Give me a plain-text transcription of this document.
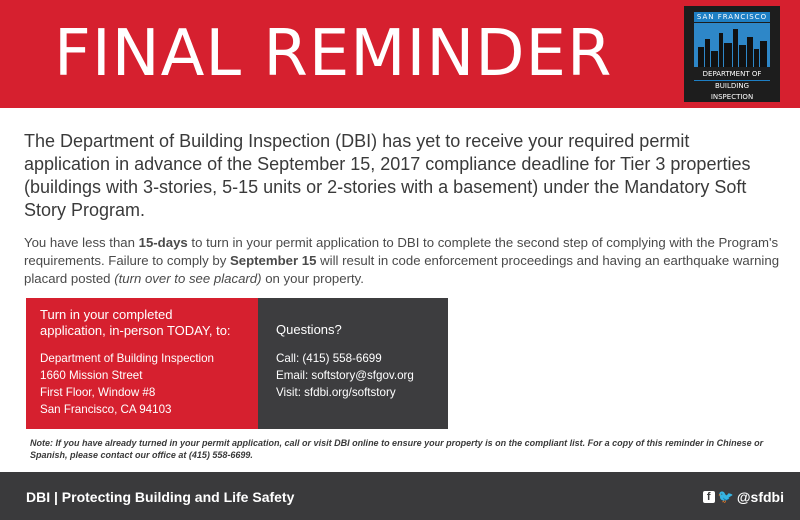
FINAL REMINDER	SAN FRANCISCO
DEPARTMENT OF
BUILDING INSPECTION

The Department of Building Inspection (DBI) has yet to receive your required permit application in advance of the September 15, 2017 compliance deadline for Tier 3 properties (buildings with 3-stories, 5-15 units or 2-stories with a basement) under the Mandatory Soft Story Program.

You have less than 15-days to turn in your permit application to DBI to complete the second step of complying with the Program's requirements. Failure to comply by September 15 will result in code enforcement proceedings and having an earthquake warning placard posted (turn over to see placard) on your property.

Turn in your completed
application, in-person TODAY, to:
Department of Building Inspection
1660 Mission Street
First Floor, Window #8
San Francisco, CA 94103
Questions?
Call: (415) 558-6699
Email: softstory@sfgov.org
Visit: sfdbi.org/softstory

Note: If you have already turned in your permit application, call or visit DBI online to ensure your property is on the compliant list. For a copy of this reminder in Chinese or Spanish, please contact our office at (415) 558-6699.

DBI | Protecting Building and Life Safety	f 🐦 @sfdbi
